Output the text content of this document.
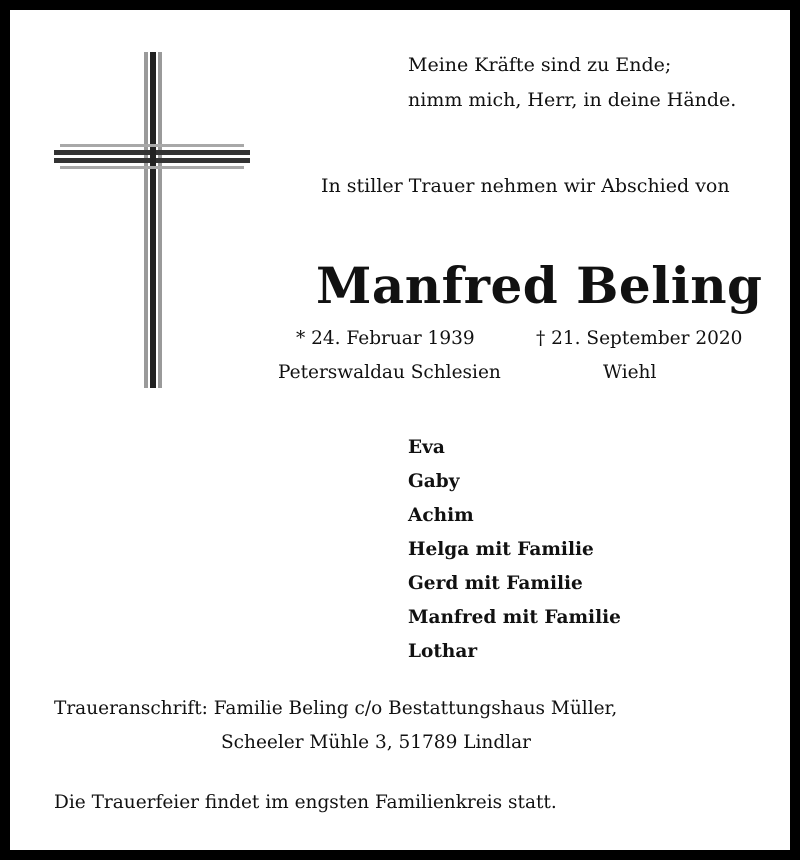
Meine Kräfte sind zu Ende;
nimm mich, Herr, in deine Hände.
In stiller Trauer nehmen wir Abschied von
Manfred Beling
* 24. Februar 1939	† 21. September 2020
Peterswaldau Schlesien	Wiehl
Eva
Gaby
Achim
Helga mit Familie
Gerd mit Familie
Manfred mit Familie
Lothar
Traueranschrift: Familie Beling c/o Bestattungshaus Müller,
Scheeler Mühle 3, 51789 Lindlar
Die Trauerfeier findet im engsten Familienkreis statt.
